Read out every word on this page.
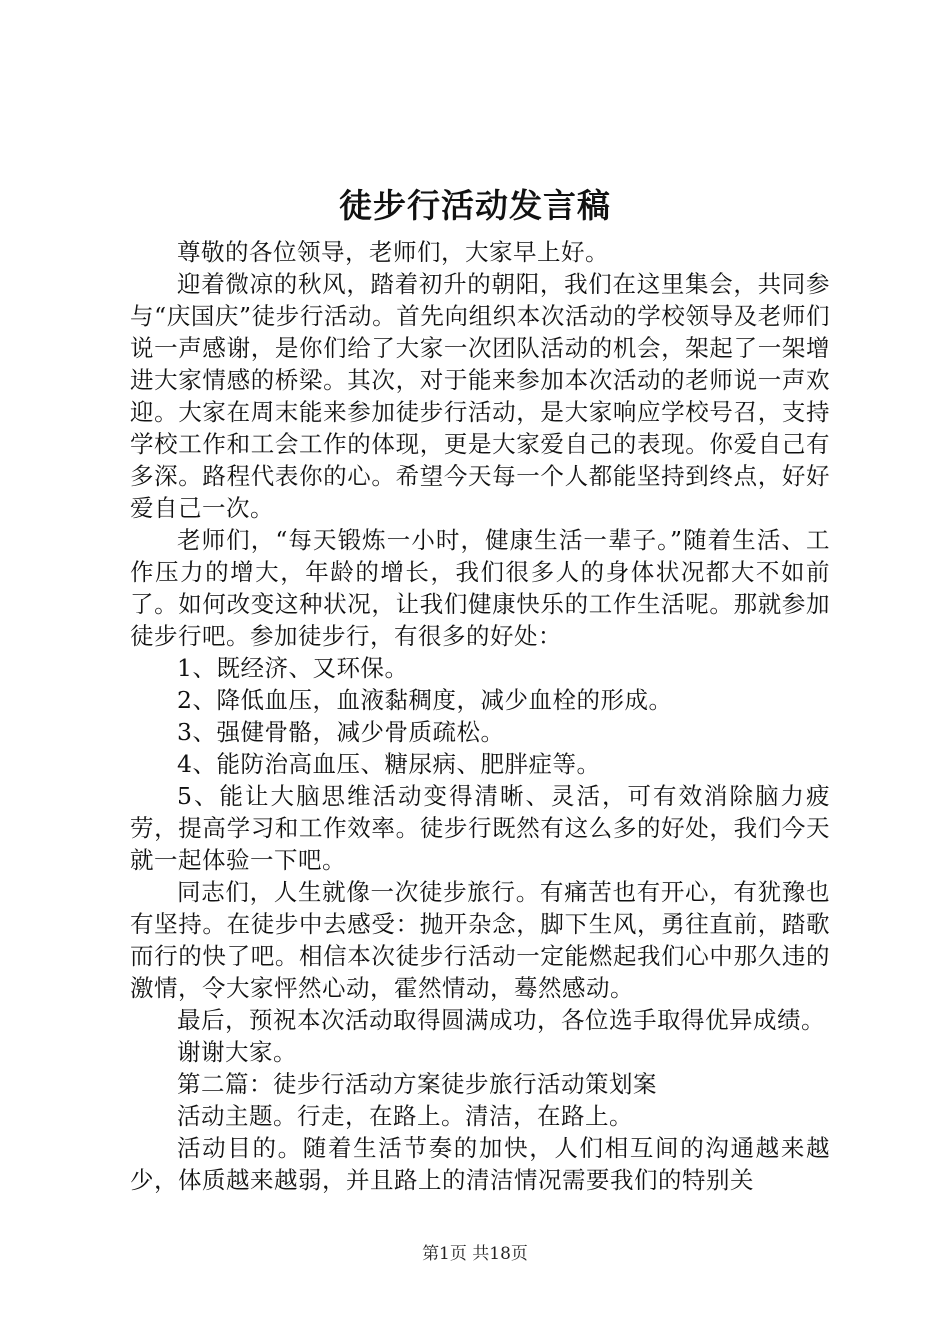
徒步行活动发言稿

尊敬的各位领导，老师们，大家早上好。

迎着微凉的秋风，踏着初升的朝阳，我们在这里集会，共同参与“庆国庆”徒步行活动。首先向组织本次活动的学校领导及老师们说一声感谢，是你们给了大家一次团队活动的机会，架起了一架增进大家情感的桥梁。其次，对于能来参加本次活动的老师说一声欢迎。大家在周末能来参加徒步行活动，是大家响应学校号召，支持学校工作和工会工作的体现，更是大家爱自己的表现。你爱自己有多深。路程代表你的心。希望今天每一个人都能坚持到终点，好好爱自己一次。

老师们，“每天锻炼一小时，健康生活一辈子。”随着生活、工作压力的增大，年龄的增长，我们很多人的身体状况都大不如前了。如何改变这种状况，让我们健康快乐的工作生活呢。那就参加徒步行吧。参加徒步行，有很多的好处：

1、既经济、又环保。

2、降低血压，血液黏稠度，减少血栓的形成。

3、强健骨骼，减少骨质疏松。

4、能防治高血压、糖尿病、肥胖症等。

5、能让大脑思维活动变得清晰、灵活，可有效消除脑力疲劳，提高学习和工作效率。徒步行既然有这么多的好处，我们今天就一起体验一下吧。

同志们，人生就像一次徒步旅行。有痛苦也有开心，有犹豫也有坚持。在徒步中去感受：抛开杂念，脚下生风，勇往直前，踏歌而行的快了吧。相信本次徒步行活动一定能燃起我们心中那久违的激情，令大家怦然心动，霍然情动，蓦然感动。

最后，预祝本次活动取得圆满成功，各位选手取得优异成绩。

谢谢大家。

第二篇：徒步行活动方案徒步旅行活动策划案

活动主题。行走，在路上。清洁，在路上。

活动目的。随着生活节奏的加快，人们相互间的沟通越来越少，体质越来越弱，并且路上的清洁情况需要我们的特别关

第1页 共18页
